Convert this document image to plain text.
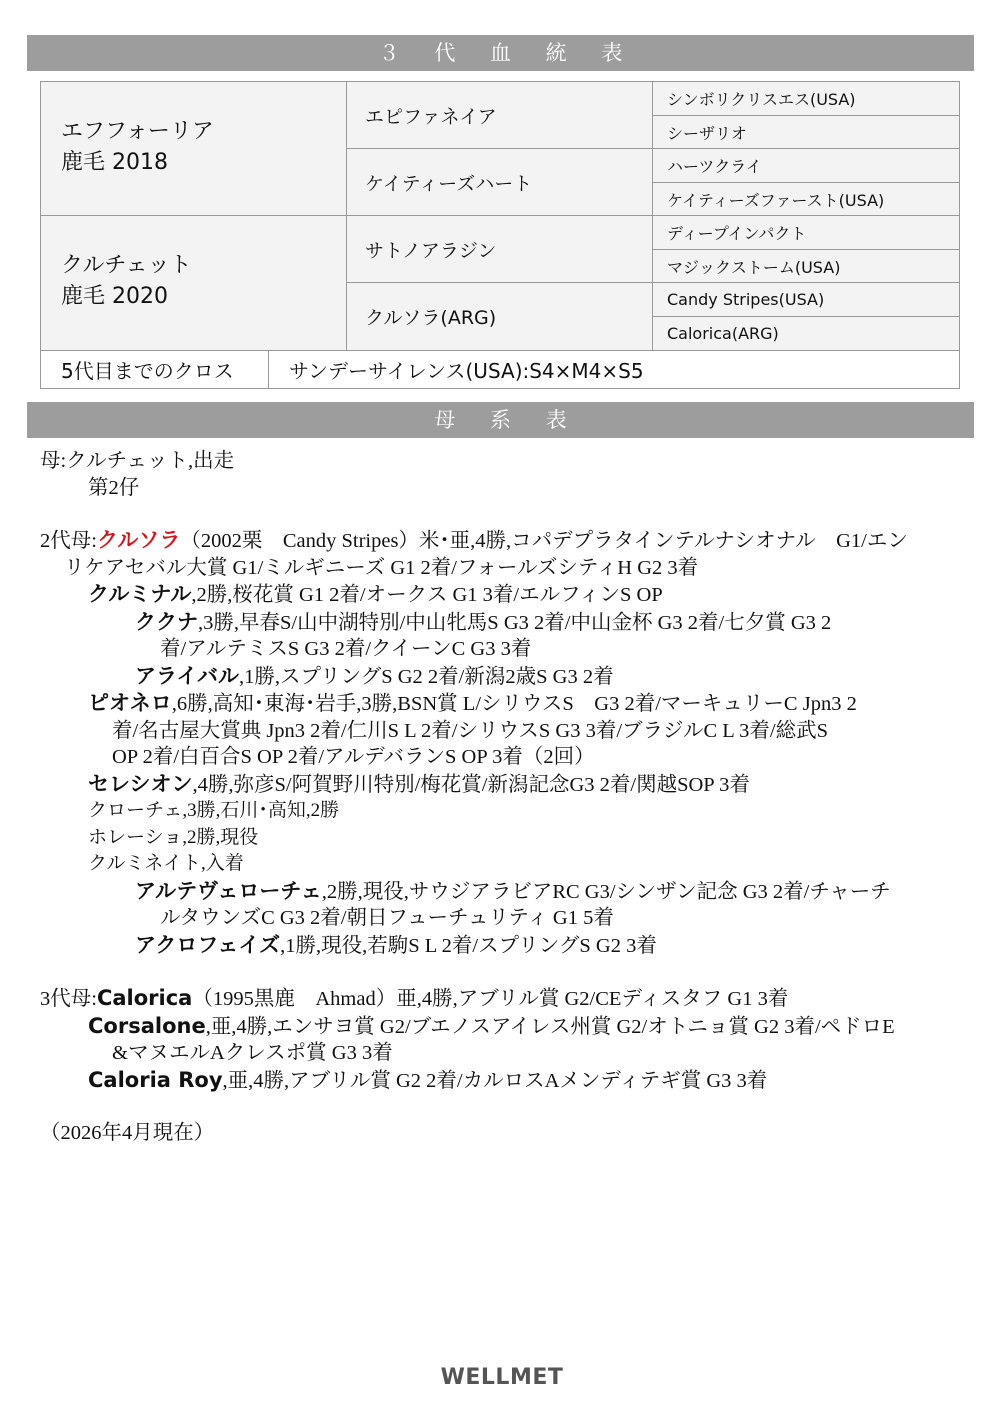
３ 代 血 統 表
エフフォーリア
鹿毛 2018
クルチェット
鹿毛 2020
エピファネイア
ケイティーズハート
サトノアラジン
クルソラ(ARG)
シンボリクリスエス(USA)
シーザリオ
ハーツクライ
ケイティーズファースト(USA)
ディープインパクト
マジックストーム(USA)
Candy Stripes(USA)
Calorica(ARG)
5代目までのクロス	サンデーサイレンス(USA):S4×M4×S5
母 系 表
母:クルチェット,出走
第2仔
2代母:クルソラ（2002栗　Candy Stripes）米･亜,4勝,コパデプラタインテルナシオナル　G1/エン
リケアセバル大賞 G1/ミルギニーズ G1 2着/フォールズシティH G2 3着
クルミナル,2勝,桜花賞 G1 2着/オークス G1 3着/エルフィンS OP
ククナ,3勝,早春S/山中湖特別/中山牝馬S G3 2着/中山金杯 G3 2着/七夕賞 G3 2
着/アルテミスS G3 2着/クイーンC G3 3着
アライバル,1勝,スプリングS G2 2着/新潟2歳S G3 2着
ピオネロ,6勝,高知･東海･岩手,3勝,BSN賞 L/シリウスS　G3 2着/マーキュリーC Jpn3 2
着/名古屋大賞典 Jpn3 2着/仁川S L 2着/シリウスS G3 3着/ブラジルC L 3着/総武S
OP 2着/白百合S OP 2着/アルデバランS OP 3着（2回）
セレシオン,4勝,弥彦S/阿賀野川特別/梅花賞/新潟記念G3 2着/関越SOP 3着
クローチェ,3勝,石川･高知,2勝
ホレーショ,2勝,現役
クルミネイト,入着
アルテヴェローチェ,2勝,現役,サウジアラビアRC G3/シンザン記念 G3 2着/チャーチ
ルタウンズC G3 2着/朝日フューチュリティ G1 5着
アクロフェイズ,1勝,現役,若駒S L 2着/スプリングS G2 3着
3代母:Calorica（1995黒鹿　Ahmad）亜,4勝,アブリル賞 G2/CEディスタフ G1 3着
Corsalone,亜,4勝,エンサヨ賞 G2/ブエノスアイレス州賞 G2/オトニョ賞 G2 3着/ペドロE
&マヌエルAクレスポ賞 G3 3着
Caloria Roy,亜,4勝,アブリル賞 G2 2着/カルロスAメンディテギ賞 G3 3着
（2026年4月現在）
WELLMET
